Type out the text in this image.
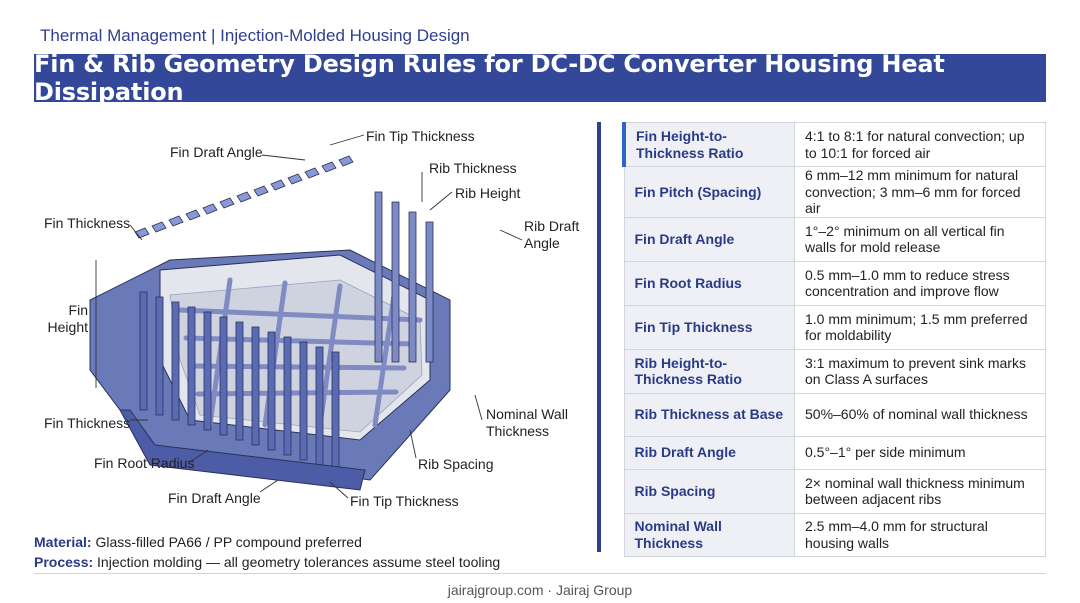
Thermal Management | Injection-Molded Housing Design
Fin & Rib Geometry Design Rules for DC-DC Converter Housing Heat Dissipation
Fin Tip Thickness
Fin Draft Angle
Rib Thickness
Rib Height
Fin Thickness	Rib Draft Angle
Fin Height
Fin Thickness
Nominal Wall Thickness
Fin Root Radius	Rib Spacing
Fin Draft Angle	Fin Tip Thickness
Fin Height-to-Thickness Ratio	4:1 to 8:1 for natural convection; up to 10:1 for forced air
Fin Pitch (Spacing)	6 mm–12 mm minimum for natural convection; 3 mm–6 mm for forced air
Fin Draft Angle	1°–2° minimum on all vertical fin walls for mold release
Fin Root Radius	0.5 mm–1.0 mm to reduce stress concentration and improve flow
Fin Tip Thickness	1.0 mm minimum; 1.5 mm preferred for moldability
Rib Height-to-Thickness Ratio	3:1 maximum to prevent sink marks on Class A surfaces
Rib Thickness at Base	50%–60% of nominal wall thickness
Rib Draft Angle	0.5°–1° per side minimum
Rib Spacing	2× nominal wall thickness minimum between adjacent ribs
Nominal Wall Thickness	2.5 mm–4.0 mm for structural housing walls
Material: Glass-filled PA66 / PP compound preferred
Process: Injection molding — all geometry tolerances assume steel tooling
jairajgroup.com · Jairaj Group
